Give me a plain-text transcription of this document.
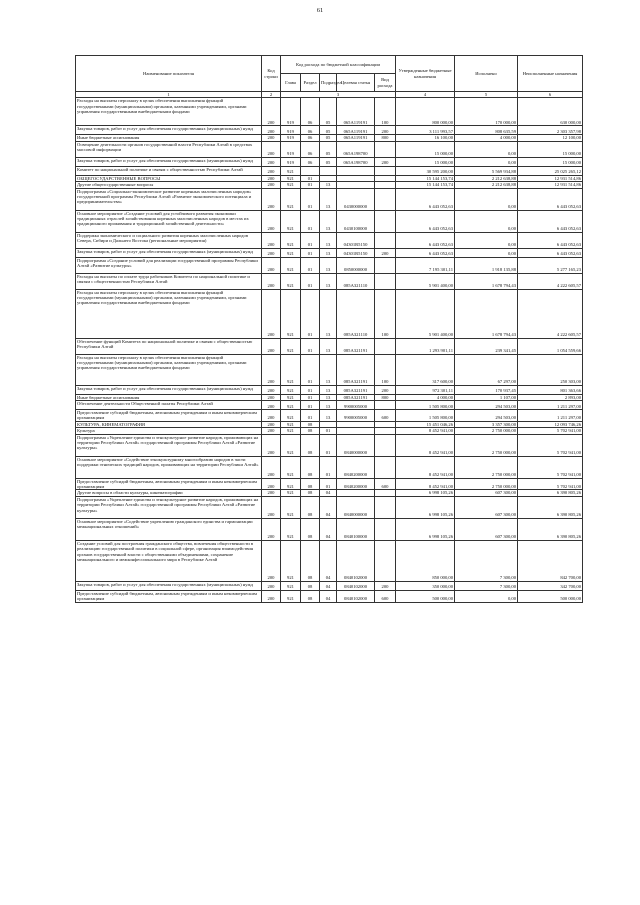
61
Наименование показателя	Код строки	Код расхода по бюджетной классификации					Утвержденные бюджетные назначения	Исполнено	Неисполненные назначения
		Глава	Раздел	Подраздел	Целевая статья	Вид расхода			
1	2	3					4	5	6
Расходы на выплаты персоналу в целях обеспечения выполнения функций государственными (муниципальными) органами, казенными учреждениями, органами управления государственными внебюджетными фондами	200	919	06	05	065А119191	100	800 000,00	170 000,00	630 000,00
Закупка товаров, работ и услуг для обеспечения государственных (муниципальных) нужд	200	919	06	05	065А119191	200	3 111 993,57	808 635,59	2 303 357,98
Иные бюджетные ассигнования	200	919	06	05	065А119191	800	16 100,00	4 000,00	12 100,00
Освещение деятельности органов государственной власти Республики Алтай в средствах массовой информации	200	919	06	05	065А198700		15 000,00	0,00	15 000,00
Закупка товаров, работ и услуг для обеспечения государственных (муниципальных) нужд	200	919	06	05	065А198700	200	15 000,00	0,00	15 000,00
Комитет по национальной политике и связям с общественностью Республики Алтай	200	921					30 595 200,00	5 569 934,88	25 025 265,12
ОБЩЕГОСУДАРСТВЕННЫЕ ВОПРОСЫ	200	921	01				15 144 153,74	2 212 638,88	12 931 514,86
Другие общегосударственные вопросы	200	921	01	13			15 144 153,74	2 212 638,88	12 931 514,86
Подпрограмма «Социально-экономическое развитие коренных малочисленных народов» государственной программы Республики Алтай «Развитие экономического потенциала и предпринимательства»	200	921	01	13	0430000000		6 443 052,63	0,00	6 443 052,63
Основное мероприятие «Создание условий для устойчивого развития экономики традиционных отраслей хозяйствования коренных малочисленных народов в местах их традиционного проживания и традиционной хозяйственной деятельности»	200	921	01	13	0430100000		6 443 052,63	0,00	6 443 052,63
Поддержка экономического и социального развития коренных малочисленных народов Севера, Сибири и Дальнего Востока (региональные мероприятия)	200	921	01	13	04301R5150		6 443 052,63	0,00	6 443 052,63
Закупка товаров, работ и услуг для обеспечения государственных (муниципальных) нужд	200	921	01	13	04301R5150	200	6 443 052,63	0,00	6 443 052,63
Подпрограмма «Создание условий для реализации государственной программы Республики Алтай «Развитие культуры»	200	921	01	13	0850000000		7 195 301,11	1 918 135,88	5 277 165,23
Расходы на выплаты по оплате труда работников Комитета по национальной политике и связям с общественностью Республики Алтай	200	921	01	13	085А321110		5 901 400,00	1 678 794,43	4 222 605,57
Расходы на выплаты персоналу в целях обеспечения выполнения функций государственными (муниципальными) органами, казенными учреждениями, органами управления государственными внебюджетными фондами	200	921	01	13	085А321110	100	5 901 400,00	1 678 794,43	4 222 605,57
Обеспечение функций Комитета по национальной политике и связям с общественностью Республики Алтай	200	921	01	13	085А321191		1 293 901,11	239 341,45	1 054 559,66
Расходы на выплаты персоналу в целях обеспечения выполнения функций государственными (муниципальными) органами, казенными учреждениями, органами управления государственными внебюджетными фондами	200	921	01	13	085А321191	100	317 600,00	67 297,00	250 303,00
Закупка товаров, работ и услуг для обеспечения государственных (муниципальных) нужд	200	921	01	13	085А321191	200	972 301,11	170 937,45	801 363,66
Иные бюджетные ассигнования	200	921	01	13	085А321191	800	4 000,00	1 107,00	2 893,00
Обеспечение деятельности Общественной палаты Республики Алтай	200	921	01	13	9900005000		1 505 800,00	294 503,00	1 211 297,00
Предоставление субсидий бюджетным, автономным учреждениям и иным некоммерческим организациям	200	921	01	13	9900005000	600	1 505 800,00	294 503,00	1 211 297,00
КУЛЬТУРА, КИНЕМАТОГРАФИЯ	200	921	08				15 451 046,26	3 357 300,00	12 093 746,26
Культура	200	921	08	01			8 452 941,00	2 750 000,00	5 702 941,00
Подпрограмма «Укрепление единства и этнокультурное развитие народов, проживающих на территории Республики Алтай» государственной программы Республики Алтай «Развитие культуры»	200	921	08	01	0840000000		8 452 941,00	2 750 000,00	5 702 941,00
Основное мероприятие «Содействие этнокультурному многообразию народов в части поддержки этнических традиций народов, проживающих на территории Республики Алтай»	200	921	08	01	0840200000		8 452 941,00	2 750 000,00	5 702 941,00
Предоставление субсидий бюджетным, автономным учреждениям и иным некоммерческим организациям	200	921	08	01	0840200000	600	8 452 941,00	2 750 000,00	5 702 941,00
Другие вопросы в области культуры, кинематографии	200	921	08	04			6 998 105,26	607 300,00	6 390 805,26
Подпрограмма «Укрепление единства и этнокультурное развитие народов, проживающих на территории Республики Алтай» государственной программы Республики Алтай «Развитие культуры»	200	921	08	04	0840000000		6 998 105,26	607 300,00	6 390 805,26
Основное мероприятие «Содействие укреплению гражданского единства и гармонизации межнациональных отношений»	200	921	08	04	0840100000		6 998 105,26	607 300,00	6 390 805,26
Создание условий для построения гражданского общества, вовлечения общественности в реализацию государственной политики в социальной сфере, организация взаимодействия органов государственной власти с общественными объединениями, сохранение межнационального и межконфессионального мира в Республике Алтай	200	921	08	04	0840102000		850 000,00	7 300,00	842 700,00
Закупка товаров, работ и услуг для обеспечения государственных (муниципальных) нужд	200	921	08	04	0840102000	200	350 000,00	7 300,00	342 700,00
Предоставление субсидий бюджетным, автономным учреждениям и иным некоммерческим организациям	200	921	08	04	0840102000	600	500 000,00	0,00	500 000,00
